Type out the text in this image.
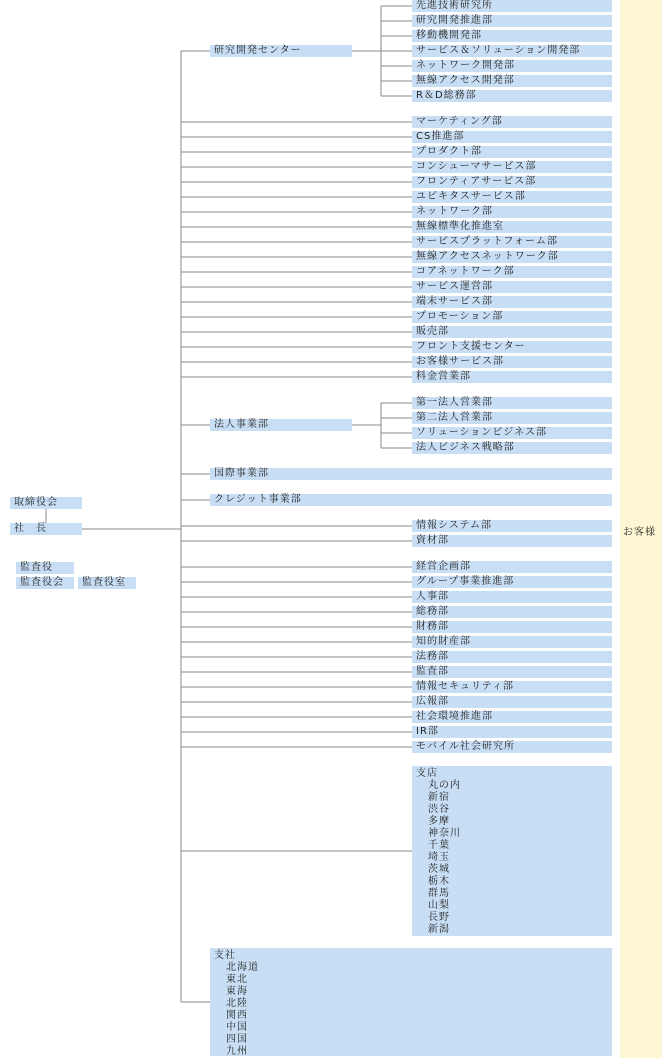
お客様
取締役会
社　長
監査役
監査役会	監査役室
研究開発センター
先進技術研究所
研究開発推進部
移動機開発部
サービス＆ソリューション開発部
ネットワーク開発部
無線アクセス開発部
R＆D総務部
マーケティング部
CS推進部
プロダクト部
コンシューマサービス部
フロンティアサービス部
ユビキタスサービス部
ネットワーク部
無線標準化推進室
サービスプラットフォーム部
無線アクセスネットワーク部
コアネットワーク部
サービス運営部
端末サービス部
プロモーション部
販売部
フロント支援センター
お客様サービス部
料金営業部
法人事業部
第一法人営業部
第二法人営業部
ソリューションビジネス部
法人ビジネス戦略部
国際事業部
クレジット事業部
情報システム部
資材部
経営企画部
グループ事業推進部
人事部
総務部
財務部
知的財産部
法務部
監査部
情報セキュリティ部
広報部
社会環境推進部
IR部
モバイル社会研究所
支店
丸の内
新宿
渋谷
多摩
神奈川
千葉
埼玉
茨城
栃木
群馬
山梨
長野
新潟
支社
北海道
東北
東海
北陸
関西
中国
四国
九州
